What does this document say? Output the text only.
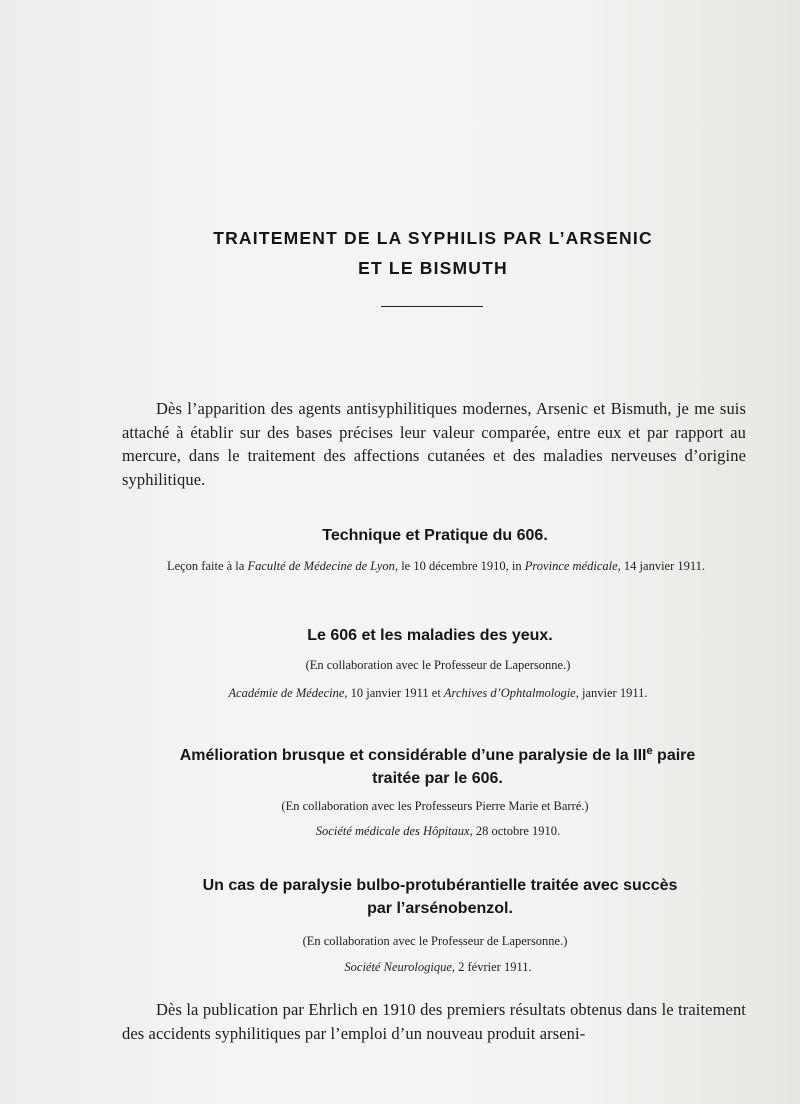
TRAITEMENT DE LA SYPHILIS PAR L’ARSENIC
ET LE BISMUTH

Dès l’apparition des agents antisyphilitiques modernes, Arsenic et Bismuth, je me suis attaché à établir sur des bases précises leur valeur comparée, entre eux et par rapport au mercure, dans le traitement des affections cutanées et des maladies nerveuses d’origine syphilitique.

Technique et Pratique du 606.

Leçon faite à la Faculté de Médecine de Lyon, le 10 décembre 1910, in Province médicale, 14 janvier 1911.

Le 606 et les maladies des yeux.

(En collaboration avec le Professeur de Lapersonne.)

Académie de Médecine, 10 janvier 1911 et Archives d’Ophtalmologie, janvier 1911.

Amélioration brusque et considérable d’une paralysie de la IIIe paire
traitée par le 606.

(En collaboration avec les Professeurs Pierre Marie et Barré.)

Société médicale des Hôpitaux, 28 octobre 1910.

Un cas de paralysie bulbo-protubérantielle traitée avec succès
par l’arsénobenzol.

(En collaboration avec le Professeur de Lapersonne.)

Société Neurologique, 2 février 1911.

Dès la publication par Ehrlich en 1910 des premiers résultats obtenus dans le traitement des accidents syphilitiques par l’emploi d’un nouveau produit arseni-
